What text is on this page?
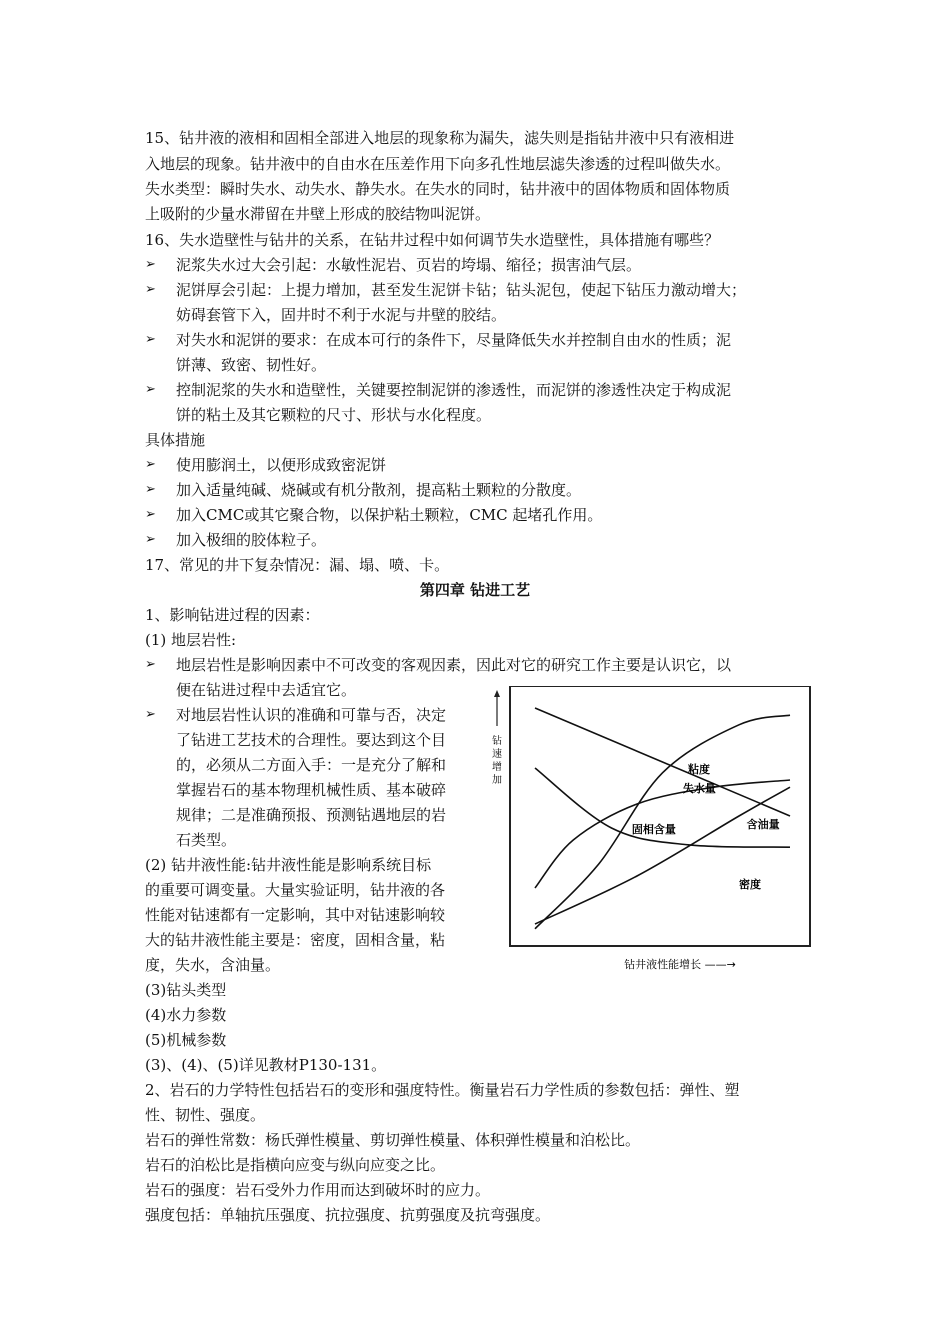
15、钻井液的液相和固相全部进入地层的现象称为漏失，滤失则是指钻井液中只有液相进
入地层的现象。钻井液中的自由水在压差作用下向多孔性地层滤失渗透的过程叫做失水。
失水类型：瞬时失水、动失水、静失水。在失水的同时，钻井液中的固体物质和固体物质
上吸附的少量水滞留在井壁上形成的胶结物叫泥饼。
16、失水造壁性与钻井的关系，在钻井过程中如何调节失水造壁性，具体措施有哪些？
➢ 泥浆失水过大会引起：水敏性泥岩、页岩的垮塌、缩径；损害油气层。
➢ 泥饼厚会引起：上提力增加，甚至发生泥饼卡钻；钻头泥包，使起下钻压力激动增大；
妨碍套管下入，固井时不利于水泥与井壁的胶结。
➢ 对失水和泥饼的要求：在成本可行的条件下，尽量降低失水并控制自由水的性质；泥
饼薄、致密、韧性好。
➢ 控制泥浆的失水和造壁性，关键要控制泥饼的渗透性，而泥饼的渗透性决定于构成泥
饼的粘土及其它颗粒的尺寸、形状与水化程度。
具体措施
➢ 使用膨润土，以便形成致密泥饼
➢ 加入适量纯碱、烧碱或有机分散剂，提高粘土颗粒的分散度。
➢ 加入CMC或其它聚合物，以保护粘土颗粒，CMC 起堵孔作用。
➢ 加入极细的胶体粒子。
17、常见的井下复杂情况：漏、塌、喷、卡。
第四章 钻进工艺
1、影响钻进过程的因素：
(1) 地层岩性:
➢ 地层岩性是影响因素中不可改变的客观因素，因此对它的研究工作主要是认识它，以
便在钻进过程中去适宜它。
➢ 对地层岩性认识的准确和可靠与否，决定
了钻进工艺技术的合理性。要达到这个目
的，必须从二方面入手：一是充分了解和
掌握岩石的基本物理机械性质、基本破碎
规律；二是准确预报、预测钻遇地层的岩
石类型。
(2) 钻井液性能:钻井液性能是影响系统目标
的重要可调变量。大量实验证明，钻井液的各
性能对钻速都有一定影响，其中对钻速影响较
大的钻井液性能主要是：密度，固相含量，粘
度，失水，含油量。
(3)钻头类型
(4)水力参数
(5)机械参数
(3)、(4)、(5)详见教材P130-131。
2、岩石的力学特性包括岩石的变形和强度特性。衡量岩石力学性质的参数包括：弹性、塑
性、韧性、强度。
岩石的弹性常数：杨氏弹性模量、剪切弹性模量、体积弹性模量和泊松比。
岩石的泊松比是指横向应变与纵向应变之比。
岩石的强度：岩石受外力作用而达到破坏时的应力。
强度包括：单轴抗压强度、抗拉强度、抗剪强度及抗弯强度。
钻
速
增
加
粘度
失水量
含油量
固相含量
密度
钻井液性能增长 ——→
